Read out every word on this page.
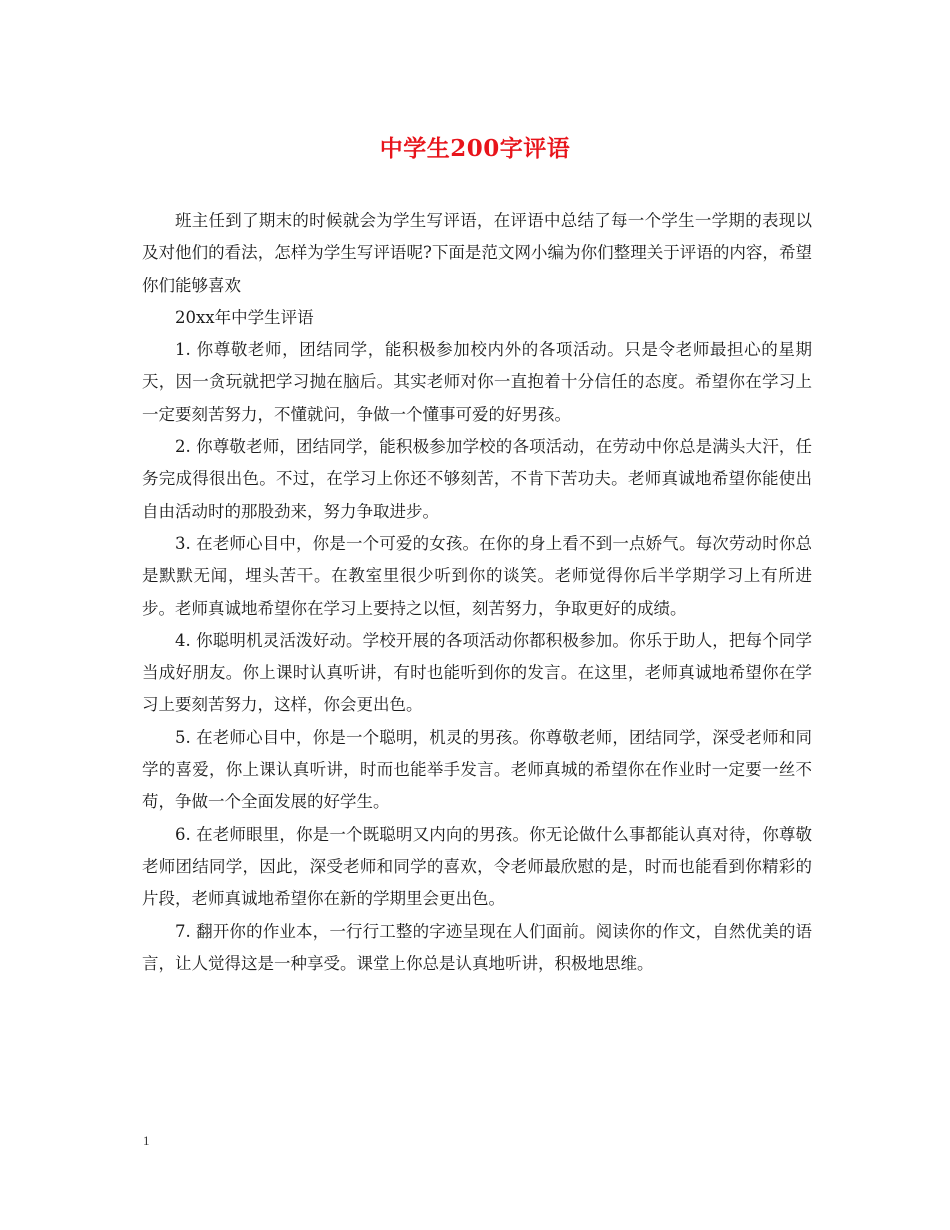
中学生200字评语

班主任到了期末的时候就会为学生写评语，在评语中总结了每一个学生一学期的表现以及对他们的看法，怎样为学生写评语呢?下面是范文网小编为你们整理关于评语的内容，希望你们能够喜欢

20xx年中学生评语

1. 你尊敬老师，团结同学，能积极参加校内外的各项活动。只是令老师最担心的星期天，因一贪玩就把学习抛在脑后。其实老师对你一直抱着十分信任的态度。希望你在学习上一定要刻苦努力，不懂就问，争做一个懂事可爱的好男孩。

2. 你尊敬老师，团结同学，能积极参加学校的各项活动，在劳动中你总是满头大汗，任务完成得很出色。不过，在学习上你还不够刻苦，不肯下苦功夫。老师真诚地希望你能使出自由活动时的那股劲来，努力争取进步。

3. 在老师心目中，你是一个可爱的女孩。在你的身上看不到一点娇气。每次劳动时你总是默默无闻，埋头苦干。在教室里很少听到你的谈笑。老师觉得你后半学期学习上有所进步。老师真诚地希望你在学习上要持之以恒，刻苦努力，争取更好的成绩。

4. 你聪明机灵活泼好动。学校开展的各项活动你都积极参加。你乐于助人，把每个同学当成好朋友。你上课时认真听讲，有时也能听到你的发言。在这里，老师真诚地希望你在学习上要刻苦努力，这样，你会更出色。

5. 在老师心目中，你是一个聪明，机灵的男孩。你尊敬老师，团结同学，深受老师和同学的喜爱，你上课认真听讲，时而也能举手发言。老师真城的希望你在作业时一定要一丝不苟，争做一个全面发展的好学生。

6. 在老师眼里，你是一个既聪明又内向的男孩。你无论做什么事都能认真对待，你尊敬老师团结同学，因此，深受老师和同学的喜欢，令老师最欣慰的是，时而也能看到你精彩的片段，老师真诚地希望你在新的学期里会更出色。

7. 翻开你的作业本，一行行工整的字迹呈现在人们面前。阅读你的作文，自然优美的语言，让人觉得这是一种享受。课堂上你总是认真地听讲，积极地思维。

1
